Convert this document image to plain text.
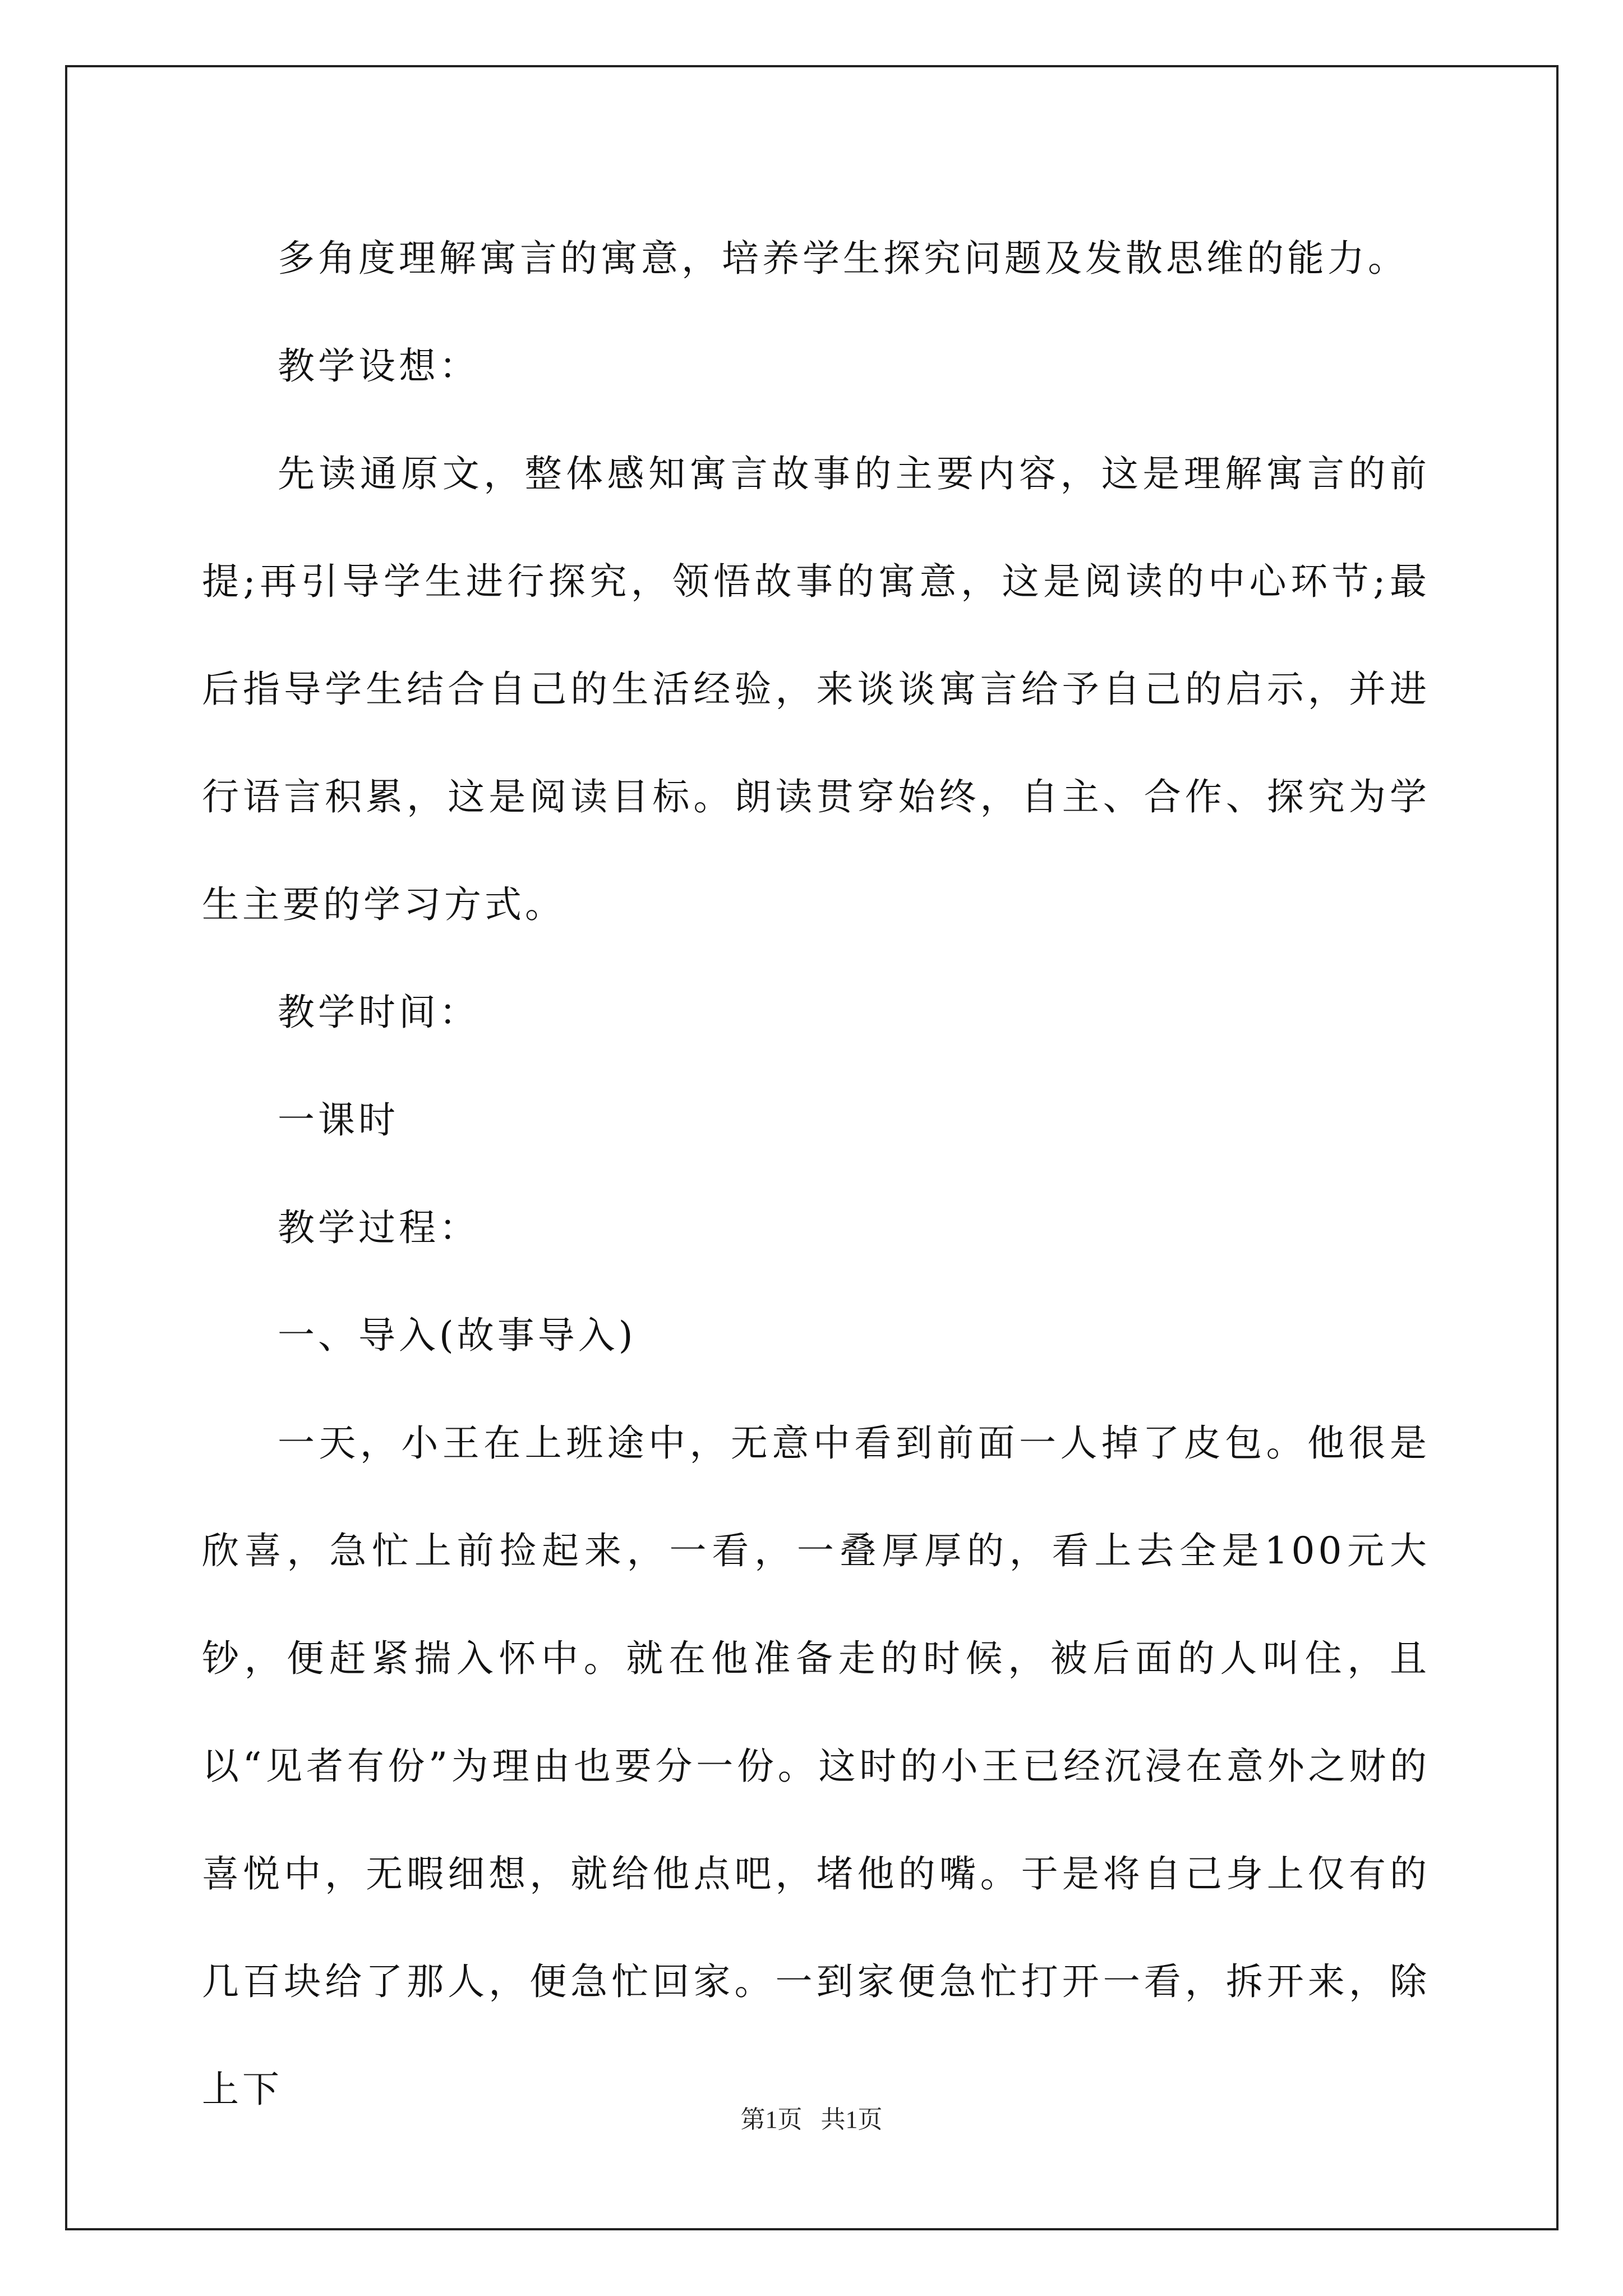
多角度理解寓言的寓意，培养学生探究问题及发散思维的能力。

教学设想：

先读通原文，整体感知寓言故事的主要内容，这是理解寓言的前提;再引导学生进行探究，领悟故事的寓意，这是阅读的中心环节;最后指导学生结合自己的生活经验，来谈谈寓言给予自己的启示，并进行语言积累，这是阅读目标。朗读贯穿始终，自主、合作、探究为学生主要的学习方式。

教学时间：

一课时

教学过程：

一、导入(故事导入)

一天，小王在上班途中，无意中看到前面一人掉了皮包。他很是欣喜，急忙上前捡起来，一看，一叠厚厚的，看上去全是100元大钞，便赶紧揣入怀中。就在他准备走的时候，被后面的人叫住，且以“见者有份”为理由也要分一份。这时的小王已经沉浸在意外之财的喜悦中，无暇细想，就给他点吧，堵他的嘴。于是将自己身上仅有的几百块给了那人，便急忙回家。一到家便急忙打开一看，拆开来，除上下

第1页   共1页
